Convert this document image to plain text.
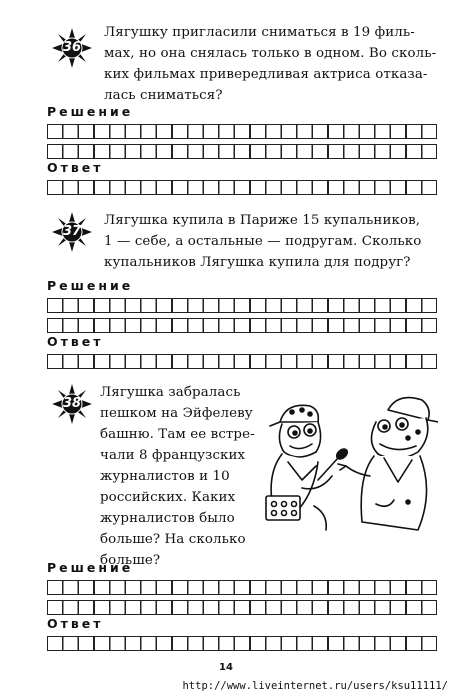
36
Лягушку пригласили сниматься в 19 филь-
мах, но она снялась только в одном. Во сколь-
ких фильмах привередливая актриса отказа-
лась сниматься?
Решение
Ответ
37
Лягушка купила в Париже 15 купальников,
1 — себе, а остальные — подругам. Сколько
купальников Лягушка купила для подруг?
Решение
Ответ
38
Лягушка забралась
пешком на Эйфелеву
башню. Там ее встре-
чали 8 французских
журналистов и 10
российских. Каких
журналистов было
больше? На сколько
больше?
Решение
Ответ
14
http://www.liveinternet.ru/users/ksu11111/
